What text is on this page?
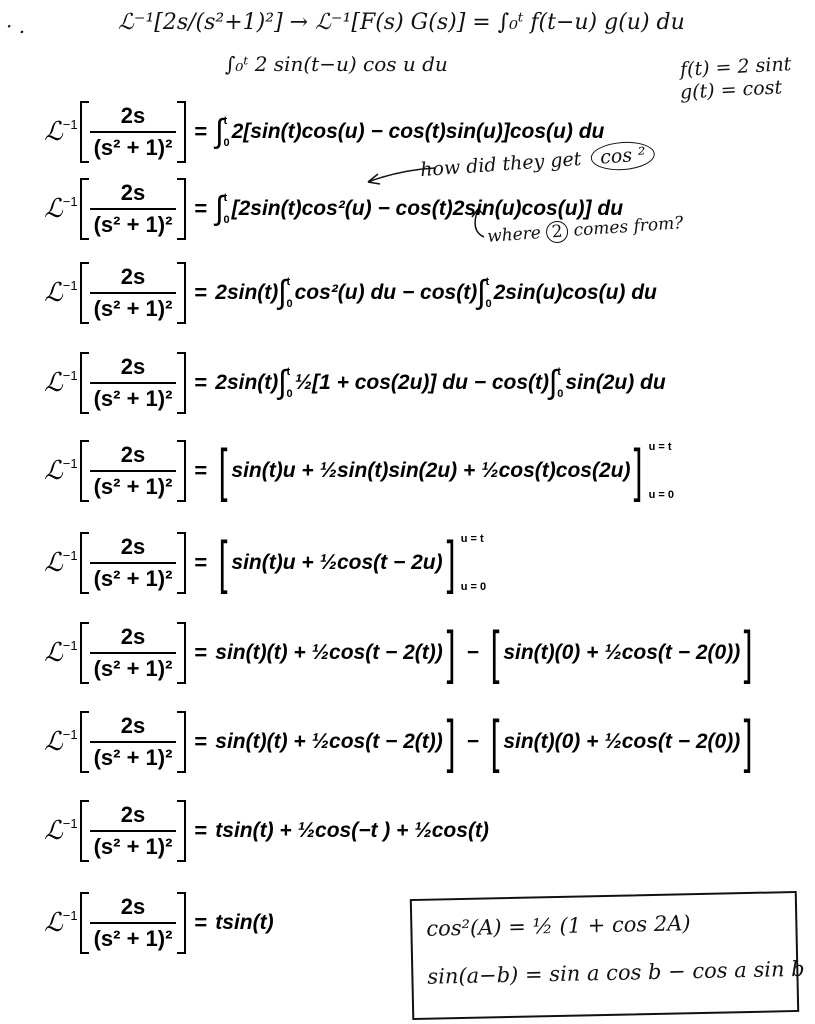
· .	ℒ⁻¹[2s/(s²+1)²] → ℒ⁻¹[F(s) G(s)] = ∫₀ᵗ f(t−u) g(u) du
∫₀ᵗ 2 sin(t−u) cos u du	f(t) = 2 sint
g(t) = cost
how did they get cos ²
where 2 comes from?
ℒ $-1 \frac{2s}{\text{(s² + 1)²}}$ = ∫ t
0 2[sin(t)cos(u) − cos(t)sin(u)]cos(u) du
ℒ $-1 \frac{2s}{\text{(s² + 1)²}}$ = ∫ t
0 [2sin(t)cos²(u) − cos(t)2sin(u)cos(u)] du
ℒ $-1 \frac{2s}{\text{(s² + 1)²}} = 2\sin(t)$ ∫ t
0 cos²(u) du − cos(t) ∫ t
0 2sin(u)cos(u) du
ℒ $-1 \frac{2s}{\text{(s² + 1)²}} = 2\sin(t)$ ∫ t
0 ½[1 + cos(2u)] du − cos(t) ∫ t
0 sin(2u) du
ℒ $-1 \frac{2s}{\text{(s² + 1)²}}$ = [ sin(t)u + ½sin(t)sin(2u) + ½cos(t)cos(2u) ] u = t
u = 0
ℒ $-1 \frac{2s}{\text{(s² + 1)²}}$ = [ sin(t)u + ½cos(t − 2u) ] u = t
u = 0
ℒ $-1 \frac{2s}{\text{(s² + 1)²}} = \sin(t)(t)$ + ½cos(t − 2(t)) ] − [ sin(t)(0) + ½cos(t − 2(0)) ]
ℒ $-1 \frac{2s}{\text{(s² + 1)²}} = \sin(t)(t)$ + ½cos(t − 2(t)) ] − [ sin(t)(0) + ½cos(t − 2(0)) ]
ℒ $-1 \frac{2s}{\text{(s² + 1)²}} = tsin(t)$ + ½cos(−t ) + ½cos(t)
ℒ $-1 \frac{2s}{\text{(s² + 1)²}} = tsin(t)$	cos²(A) = ½ (1 + cos 2A)
sin(a−b) = sin a cos b − cos a sin b
